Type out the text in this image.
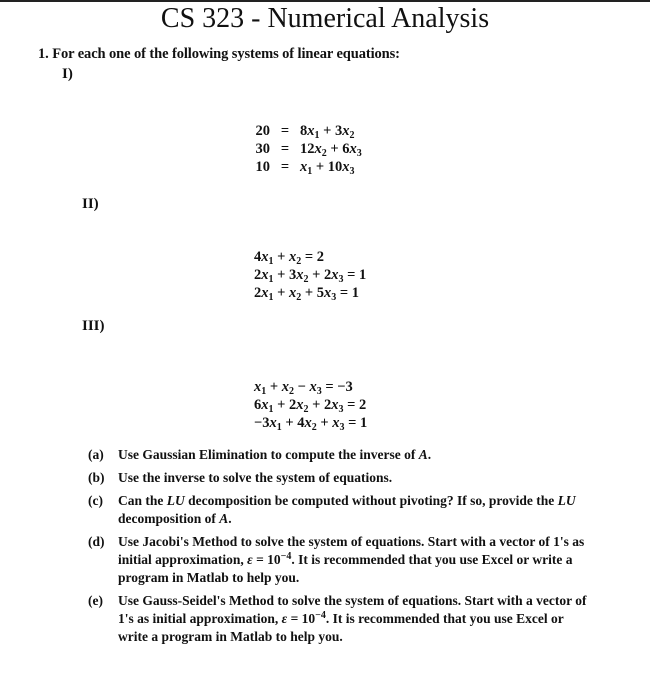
CS 323 - Numerical Analysis
1. For each one of the following systems of linear equations:
I)
20	=	$8x_1 + 3x_2$
30	=	$12x_2 + 6x_3$
10	=	$x_1 + 10x_3$
II)
$4x_1 + x_2 = 2$
$2x_1 + 3x_2 + 2x_3 = 1$
$2x_1 + x_2 + 5x_3 = 1$
III)
$x_1 + x_2 - x_3 = -3$
$6x_1 + 2x_2 + 2x_3 = 2$
$-3x_1 + 4x_2 + x_3 = 1$
(a) Use Gaussian Elimination to compute the inverse of A.
(b) Use the inverse to solve the system of equations.
(c) Can the LU decomposition be computed without pivoting? If so, provide the LU decomposition of A.
(d) Use Jacobi's Method to solve the system of equations. Start with a vector of 1's as initial approximation, $\varepsilon = 10^{-4}$. It is recommended that you use Excel or write a program in Matlab to help you.
(e) Use Gauss-Seidel's Method to solve the system of equations. Start with a vector of 1's as initial approximation, $\varepsilon = 10^{-4}$. It is recommended that you use Excel or write a program in Matlab to help you.
